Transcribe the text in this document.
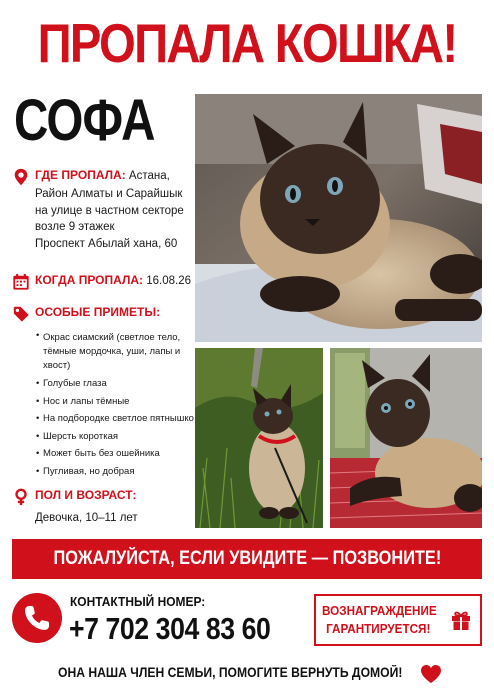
ПРОПАЛА КОШКА!
СОФА
ГДЕ ПРОПАЛА: Астана,
Район Алматы и Сарайшык
на улице в частном секторе
возле 9 этажек
Проспект Абылай хана, 60
КОГДА ПРОПАЛА: 16.08.26
ОСОБЫЕ ПРИМЕТЫ:
• Окрас сиамский (светлое тело, тёмные мордочка, уши, лапы и хвост)
• Голубые глаза
• Нос и лапы тёмные
• На подбородке светлое пятнышко
• Шерсть короткая
• Может быть без ошейника
• Пугливая, но добрая
ПОЛ И ВОЗРАСТ:
Девочка, 10–11 лет
ПОЖАЛУЙСТА, ЕСЛИ УВИДИТЕ — ПОЗВОНИТЕ!
КОНТАКТНЫЙ НОМЕР:
+7 702 304 83 60
ВОЗНАГРАЖДЕНИЕ ГАРАНТИРУЕТСЯ!
ОНА НАША ЧЛЕН СЕМЬИ, ПОМОГИТЕ ВЕРНУТЬ ДОМОЙ!
